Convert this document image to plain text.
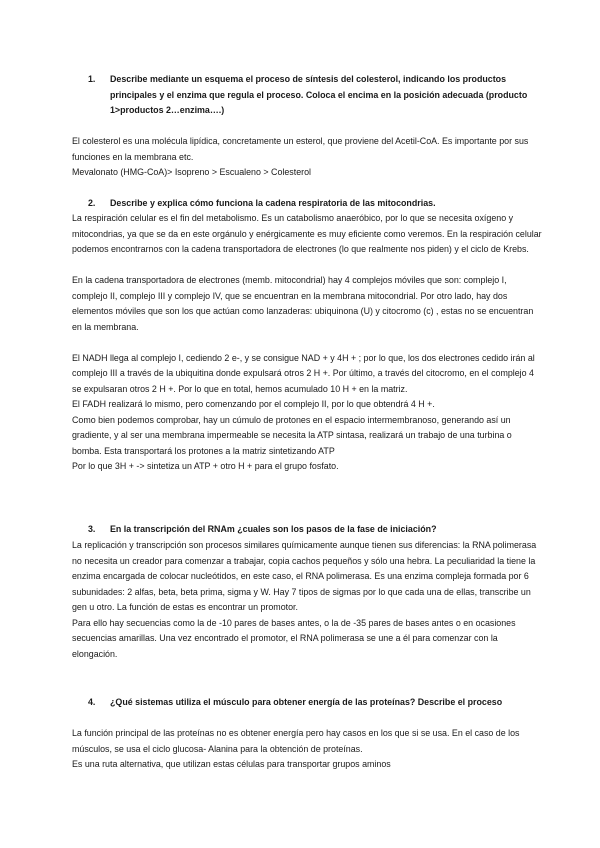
1.	Describe mediante un esquema el proceso de síntesis del colesterol, indicando los productos principales y el enzima que regula el proceso. Coloca el encima en la posición adecuada (producto 1>productos 2…enzima….)

El colesterol es una molécula lipídica, concretamente un esterol, que proviene del Acetil-CoA. Es importante por sus funciones en la membrana etc.

Mevalonato (HMG-CoA)> Isopreno > Escualeno > Colesterol

2.	Describe y explica cómo funciona la cadena respiratoria de las mitocondrias.

La respiración celular es el fin del metabolismo. Es un catabolismo anaeróbico, por lo que se necesita oxígeno y mitocondrias, ya que se da en este orgánulo y enérgicamente es muy eficiente como veremos. En la respiración celular podemos encontrarnos con la cadena transportadora de electrones (lo que realmente nos piden) y el ciclo de Krebs.

En la cadena transportadora de electrones (memb. mitocondrial) hay 4 complejos móviles que son: complejo I, complejo II, complejo III y complejo IV, que se encuentran en la membrana mitocondrial. Por otro lado, hay dos elementos móviles que son los que actúan como lanzaderas: ubiquinona (U) y citocromo (c) , estas no se encuentran en la membrana.

El NADH llega al complejo I, cediendo 2 e-, y se consigue NAD + y 4H + ; por lo que, los dos electrones cedido irán al complejo III a través de la ubiquitina donde expulsará otros 2 H +. Por último, a través del citocromo, en el complejo 4 se expulsaran otros 2 H +. Por lo que en total, hemos acumulado 10 H + en la matriz.

El FADH realizará lo mismo, pero comenzando por el complejo II, por lo que obtendrá 4 H +.

Como bien podemos comprobar, hay un cúmulo de protones en el espacio intermembranoso, generando así un gradiente, y al ser una membrana impermeable se necesita la ATP sintasa, realizará un trabajo de una turbina o bomba. Esta transportará los protones a la matriz sintetizando ATP

Por lo que 3H + -> sintetiza un ATP + otro H + para el grupo fosfato.

3.	En la transcripción del RNAm ¿cuales son los pasos de la fase de iniciación?

La replicación y transcripción son procesos similares químicamente aunque tienen sus diferencias: la RNA polimerasa no necesita un creador para comenzar a trabajar, copia cachos pequeños y sólo una hebra. La peculiaridad la tiene la enzima encargada de colocar nucleótidos, en este caso, el RNA polimerasa. Es una enzima compleja formada por 6 subunidades: 2 alfas, beta, beta prima, sigma y W. Hay 7 tipos de sigmas por lo que cada una de ellas, transcribe un gen u otro. La función de estas es encontrar un promotor.

Para ello hay secuencias como la de -10 pares de bases antes, o la de -35 pares de bases antes o en ocasiones secuencias amarillas. Una vez encontrado el promotor, el RNA polimerasa se une a él para comenzar con la elongación.

4.	¿Qué sistemas utiliza el músculo para obtener energía de las proteínas? Describe el proceso

La función principal de las proteínas no es obtener energía pero hay casos en los que si se usa. En el caso de los músculos, se usa el ciclo glucosa- Alanina para la obtención de proteínas.

Es una ruta alternativa, que utilizan estas células para transportar grupos aminos
